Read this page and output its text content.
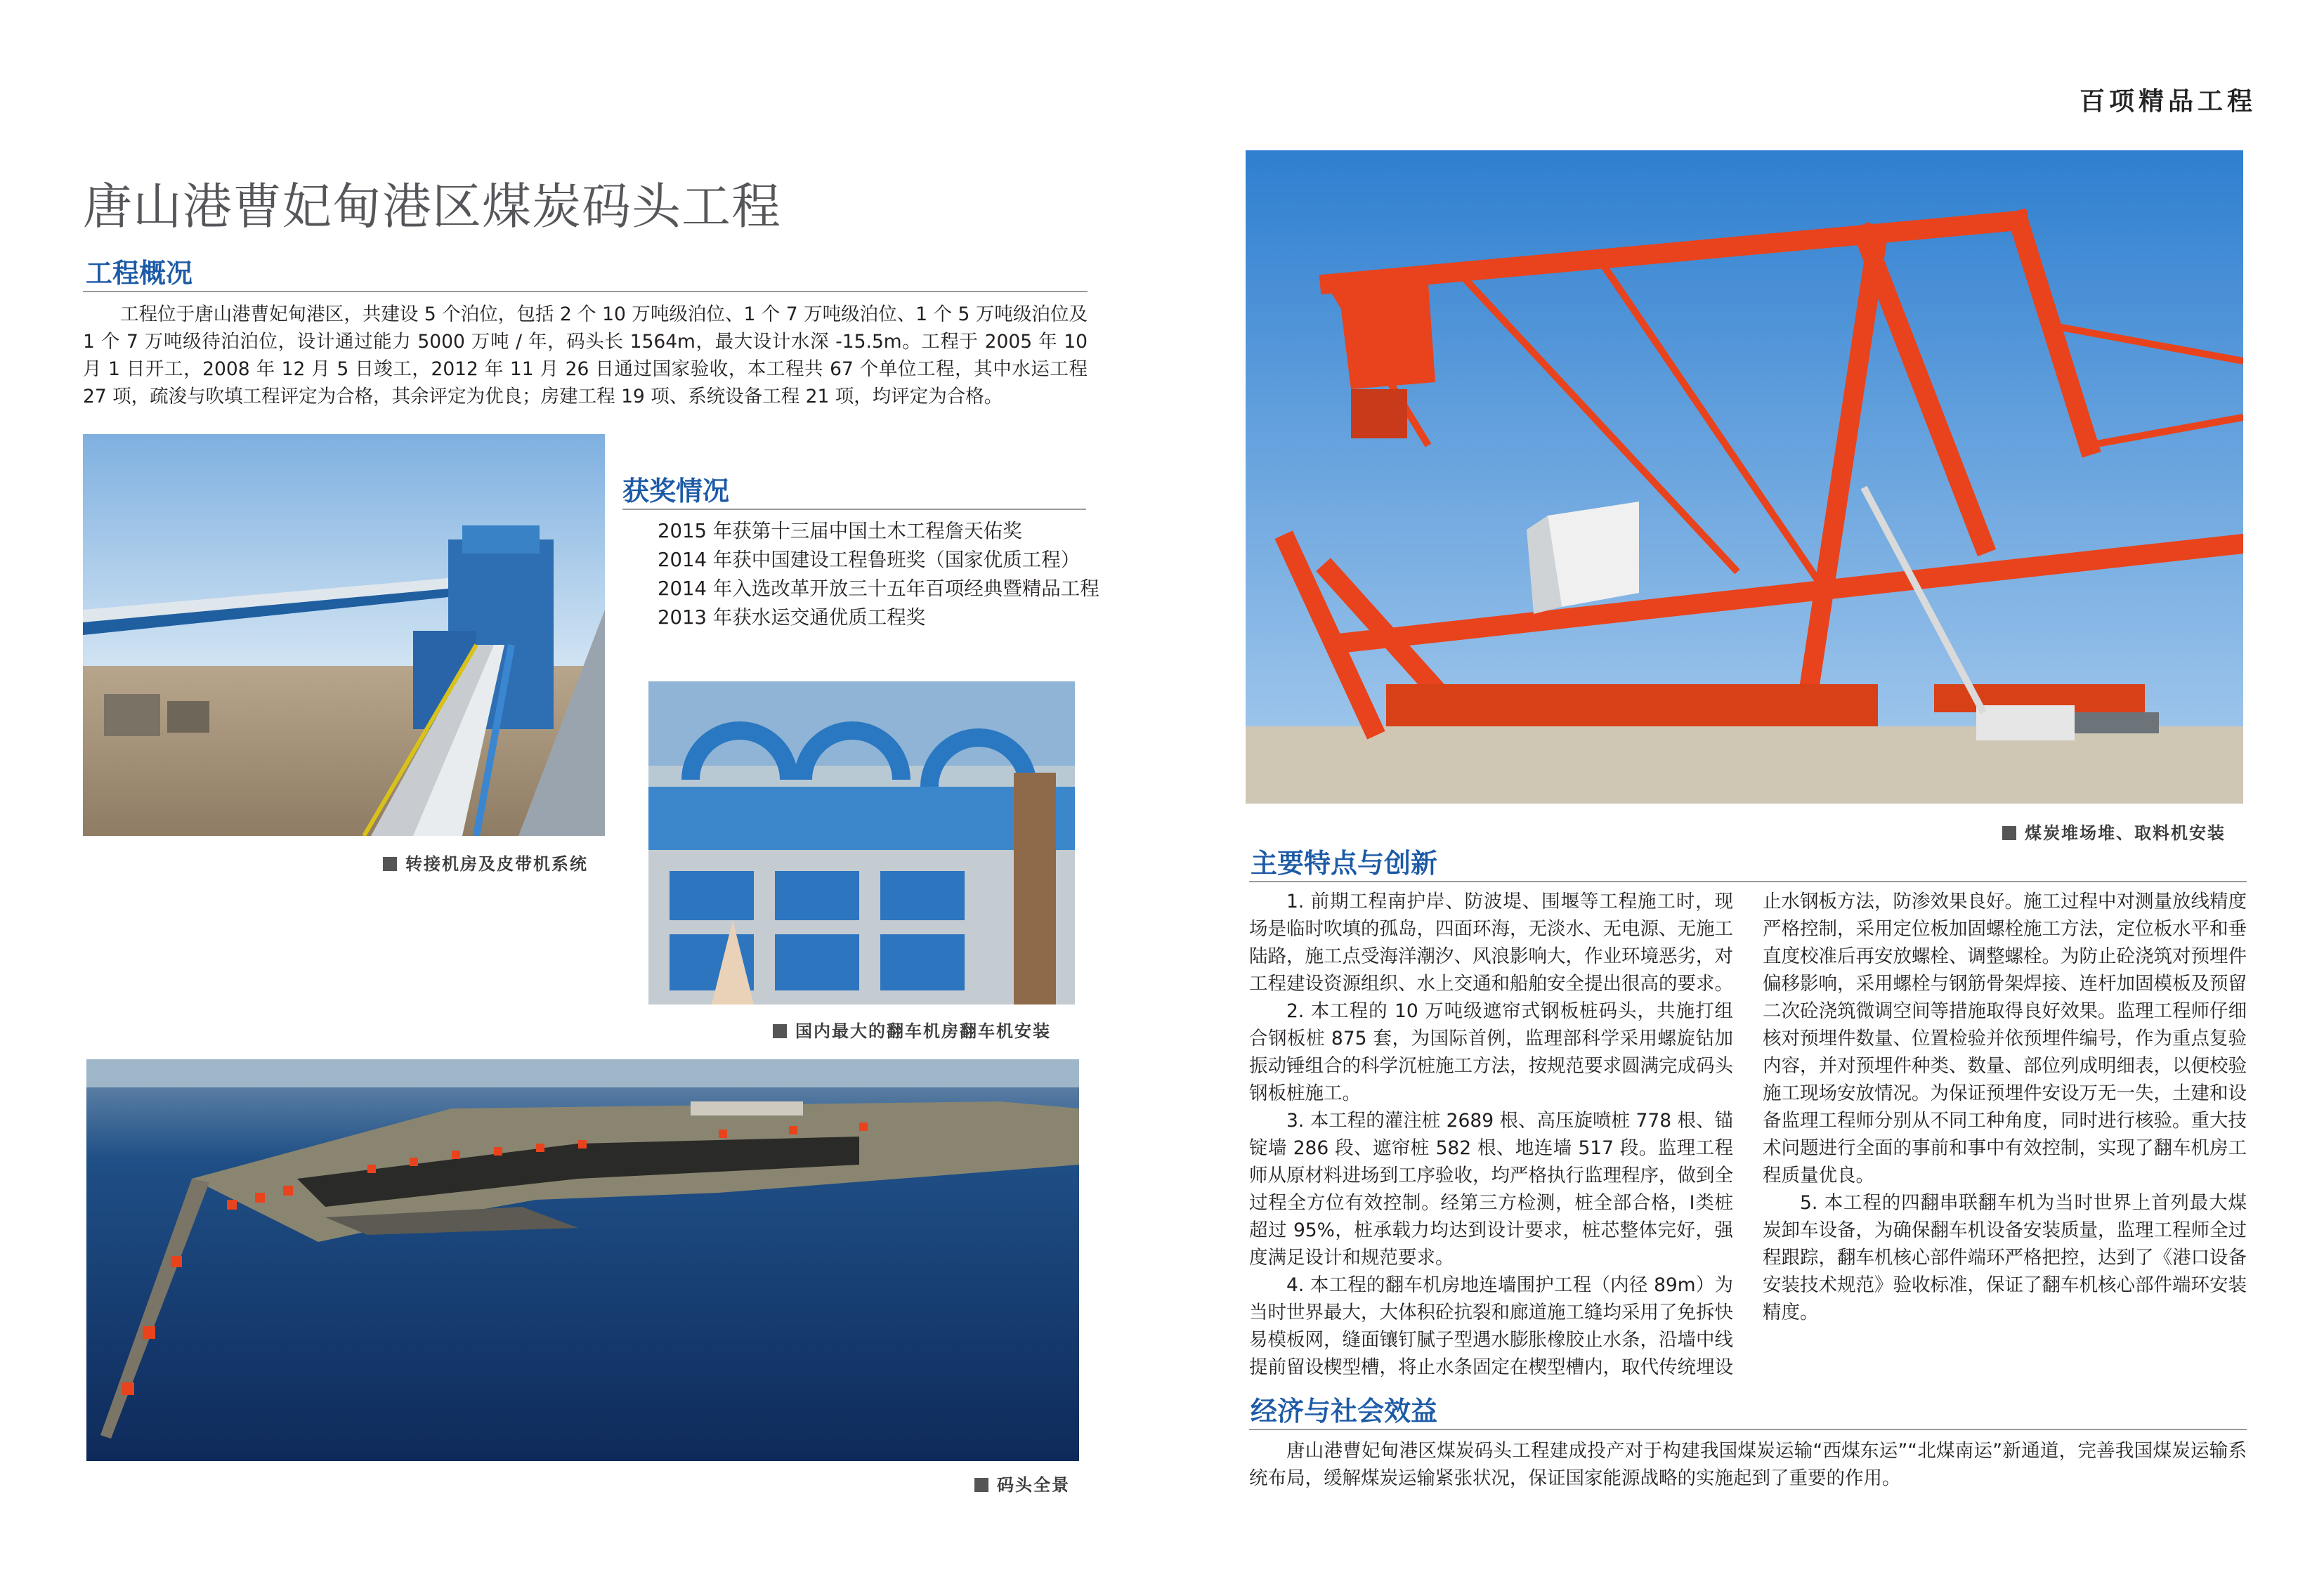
百项精品工程
唐山港曹妃甸港区煤炭码头工程
工程概况

工程位于唐山港曹妃甸港区，共建设 5 个泊位，包括 2 个 10 万吨级泊位、1 个 7 万吨级泊位、1 个 5 万吨级泊位及 1 个 7 万吨级待泊泊位，设计通过能力 5000 万吨 / 年，码头长 1564m，最大设计水深 -15.5m。工程于 2005 年 10 月 1 日开工，2008 年 12 月 5 日竣工，2012 年 11 月 26 日通过国家验收，本工程共 67 个单位工程，其中水运工程 27 项，疏浚与吹填工程评定为合格，其余评定为优良；房建工程 19 项、系统设备工程 21 项，均评定为合格。

转接机房及皮带机系统
获奖情况
2015 年获第十三届中国土木工程詹天佑奖
2014 年获中国建设工程鲁班奖（国家优质工程）
2014 年入选改革开放三十五年百项经典暨精品工程
2013 年获水运交通优质工程奖
国内最大的翻车机房翻车机安装
码头全景
煤炭堆场堆、取料机安装
主要特点与创新

1. 前期工程南护岸、防波堤、围堰等工程施工时，现场是临时吹填的孤岛，四面环海，无淡水、无电源、无施工陆路，施工点受海洋潮汐、风浪影响大，作业环境恶劣，对工程建设资源组织、水上交通和船舶安全提出很高的要求。

2. 本工程的 10 万吨级遮帘式钢板桩码头，共施打组合钢板桩 875 套，为国际首例，监理部科学采用螺旋钻加振动锤组合的科学沉桩施工方法，按规范要求圆满完成码头钢板桩施工。

3. 本工程的灌注桩 2689 根、高压旋喷桩 778 根、锚锭墙 286 段、遮帘桩 582 根、地连墙 517 段。监理工程师从原材料进场到工序验收，均严格执行监理程序，做到全过程全方位有效控制。经第三方检测，桩全部合格，Ⅰ类桩超过 95%，桩承载力均达到设计要求，桩芯整体完好，强度满足设计和规范要求。

4. 本工程的翻车机房地连墙围护工程（内径 89m）为当时世界最大，大体积砼抗裂和廊道施工缝均采用了免拆快易模板网，缝面镶钉腻子型遇水膨胀橡胶止水条，沿墙中线提前留设楔型槽，将止水条固定在楔型槽内，取代传统埋设止水钢板方法，防渗效果良好。施工过程中对测量放线精度严格控制，采用定位板加固螺栓施工方法，定位板水平和垂直度校准后再安放螺栓、调整螺栓。为防止砼浇筑对预埋件偏移影响，采用螺栓与钢筋骨架焊接、连杆加固模板及预留二次砼浇筑微调空间等措施取得良好效果。监理工程师仔细核对预埋件数量、位置检验并依预埋件编号，作为重点复验内容，并对预埋件种类、数量、部位列成明细表，以便校验施工现场安放情况。为保证预埋件安设万无一失，土建和设备监理工程师分别从不同工种角度，同时进行核验。重大技术问题进行全面的事前和事中有效控制，实现了翻车机房工程质量优良。

5. 本工程的四翻串联翻车机为当时世界上首列最大煤炭卸车设备，为确保翻车机设备安装质量，监理工程师全过程跟踪，翻车机核心部件端环严格把控，达到了《港口设备安装技术规范》验收标准，保证了翻车机核心部件端环安装精度。

经济与社会效益

唐山港曹妃甸港区煤炭码头工程建成投产对于构建我国煤炭运输“西煤东运”“北煤南运”新通道，完善我国煤炭运输系统布局，缓解煤炭运输紧张状况，保证国家能源战略的实施起到了重要的作用。
